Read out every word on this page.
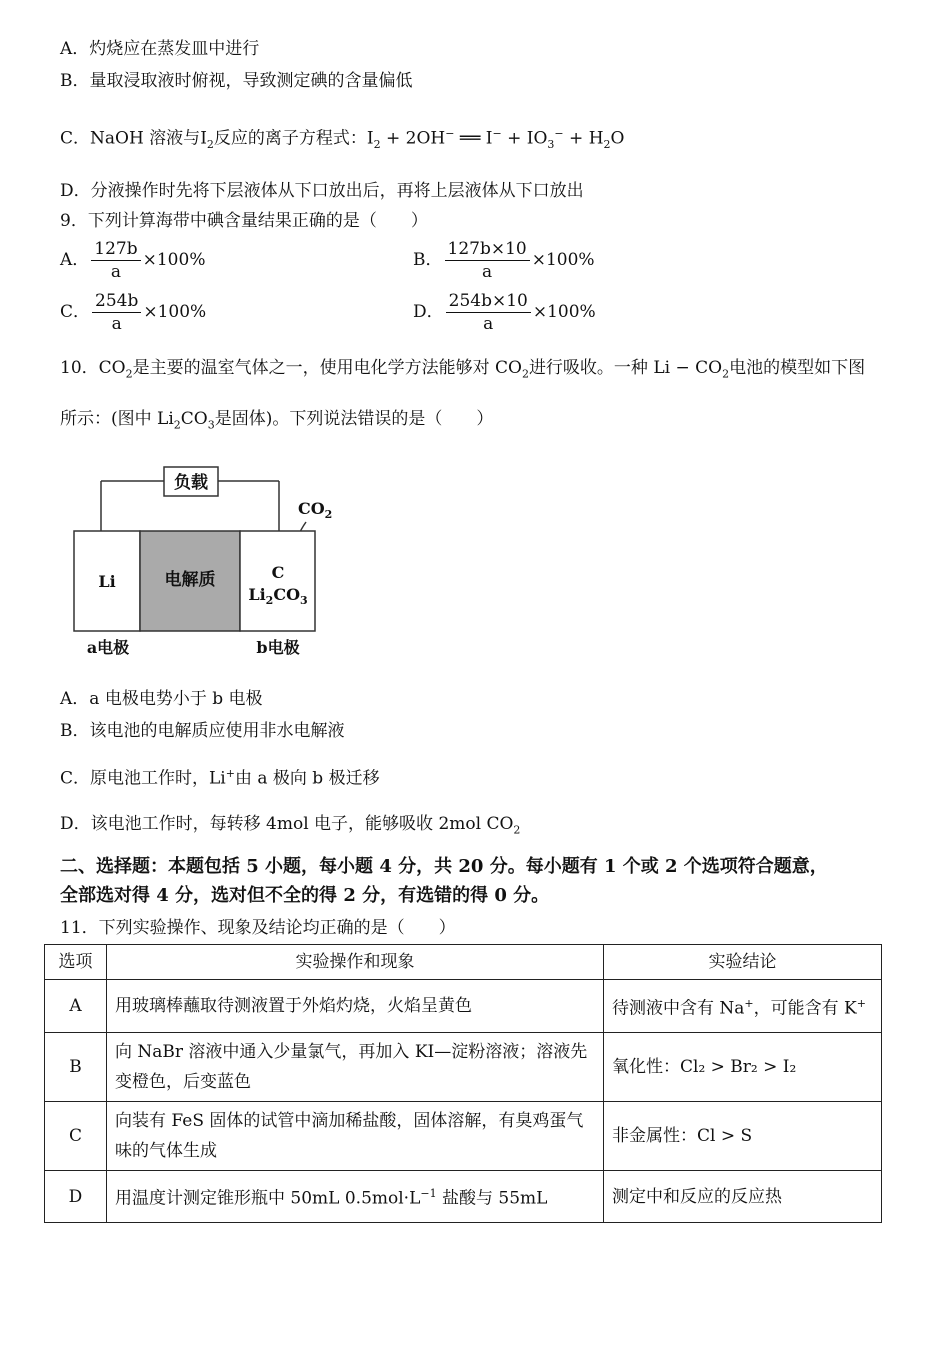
A．灼烧应在蒸发皿中进行
B．量取浸取液时俯视，导致测定碘的含量偏低
C．NaOH 溶液与$I_2$反应的离子方程式：$I_2 + 2OH^-$ ══ $I^- + IO_3^- + H_2O$
D．分液操作时先将下层液体从下口放出后，再将上层液体从下口放出
9．下列计算海带中碘含量结果正确的是（　　）
A． $\frac{127b}{a} \times 100\%$	B． $\frac{127b\times 10}{a} \times 100\%$
C． $\frac{254b}{a} \times 100\%$	D． $\frac{254b\times 10}{a} \times 100\%$
10．$CO_2$是主要的温室气体之一，使用电化学方法能够对 $CO_2$进行吸收。一种 $Li - CO_2$电池的模型如下图
所示：(图中 $Li_2CO_3$是固体)。下列说法错误的是（　　）
负载
$CO_2$
Li	电解质	C
$Li_2CO_3$
a电极	b电极
A．a 电极电势小于 b 电极
B．该电池的电解质应使用非水电解液
C．原电池工作时，Li+由 a 极向 b 极迁移
D．该电池工作时，每转移 4mol 电子，能够吸收 2mol $CO_2$
二、选择题：本题包括 5 小题，每小题 4 分，共 20 分。每小题有 1 个或 2 个选项符合题意，
全部选对得 4 分，选对但不全的得 2 分，有选错的得 0 分。
11．下列实验操作、现象及结论均正确的是（　　）
选项	实验操作和现象	实验结论
A	用玻璃棒蘸取待测液置于外焰灼烧，火焰呈黄色	待测液中含有 Na+，可能含有 K+
B	向 NaBr 溶液中通入少量氯气，再加入 KI—淀粉溶液；溶液先
变橙色，后变蓝色	氧化性：Cl₂ > Br₂ > I₂
C	向装有 FeS 固体的试管中滴加稀盐酸，固体溶解，有臭鸡蛋气
味的气体生成	非金属性：Cl > S
D	用温度计测定锥形瓶中 50mL $0.5mol\cdot L^{-1}$ 盐酸与 55mL	测定中和反应的反应热
